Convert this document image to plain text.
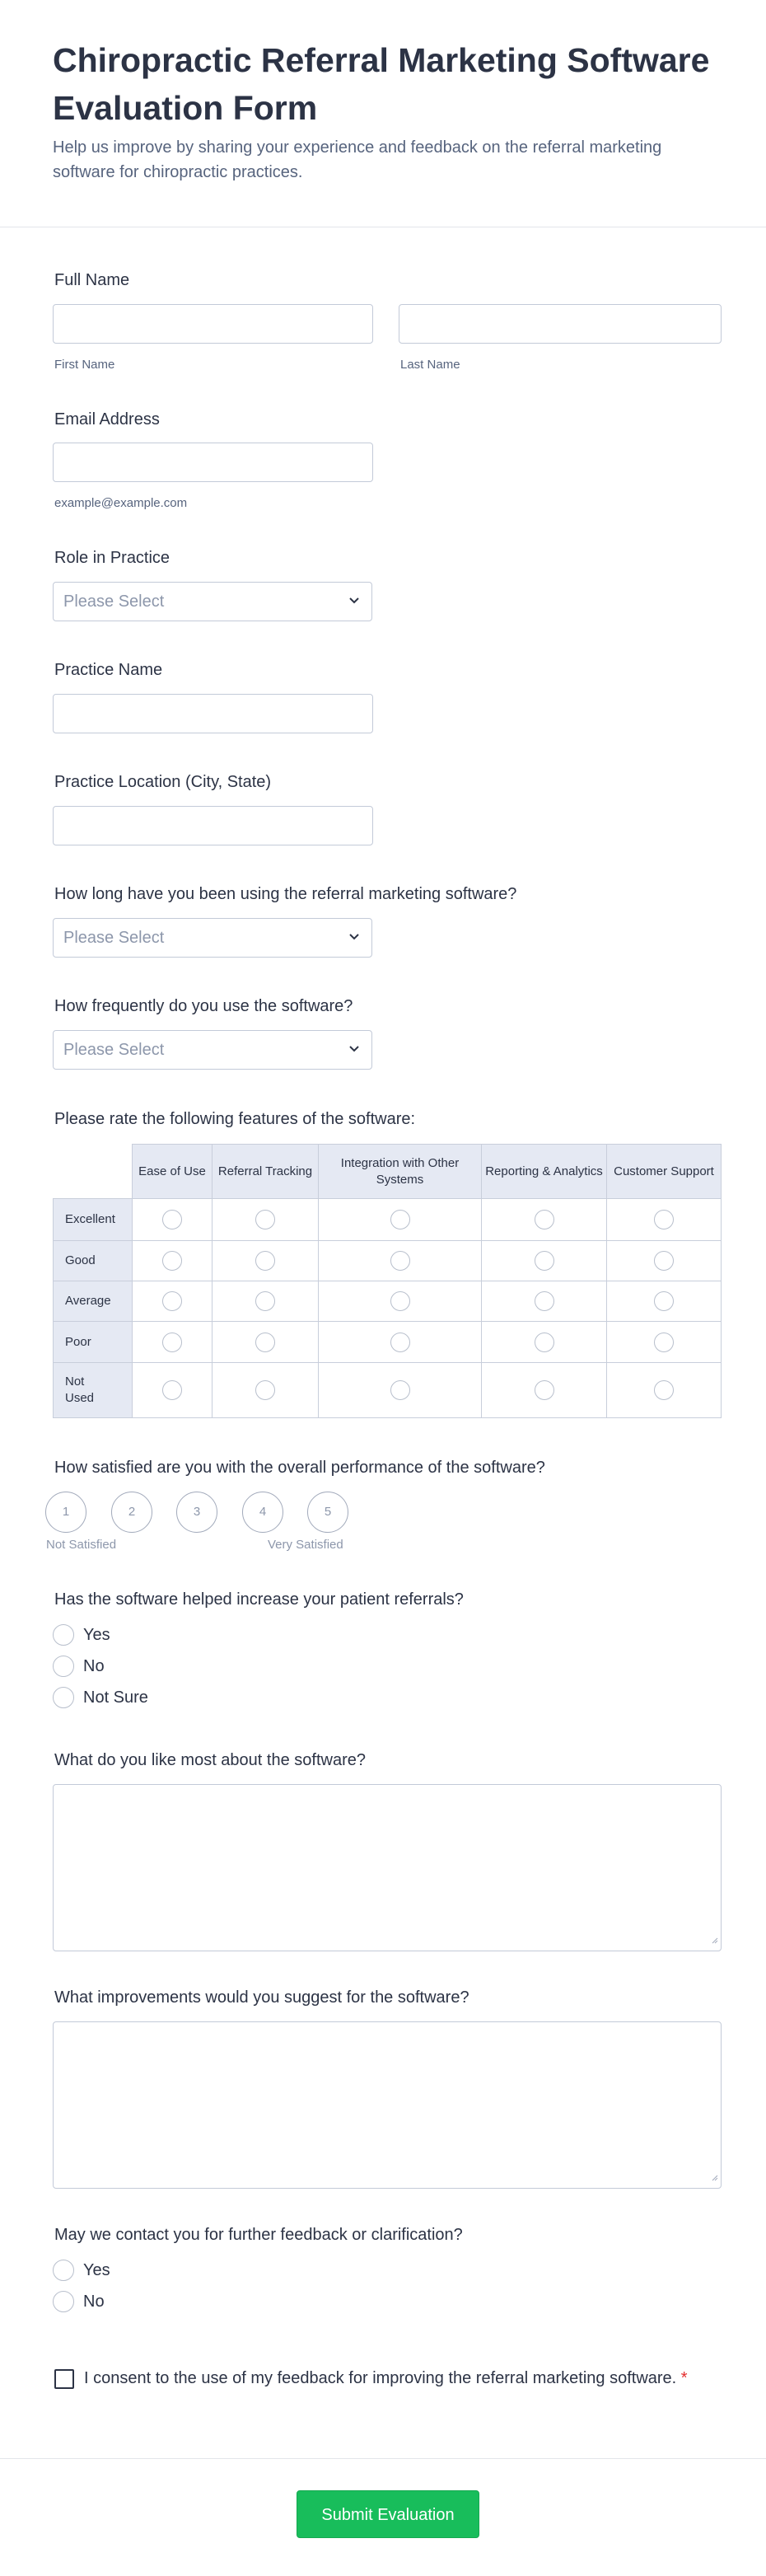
Chiropractic Referral Marketing Software Evaluation Form

Help us improve by sharing your experience and feedback on the referral marketing software for chiropractic practices.

Full Name
First Name	Last Name
Email Address
example@example.com
Role in Practice
Please Select
Practice Name
Practice Location (City, State)
How long have you been using the referral marketing software?
Please Select
How frequently do you use the software?
Please Select
Please rate the following features of the software:
	Ease of Use	Referral Tracking	Integration with Other Systems	Reporting & Analytics	Customer Support
Excellent					
Good					
Average					
Poor					
Not Used					
How satisfied are you with the overall performance of the software?
1	2	3	4	5
Not Satisfied	Very Satisfied
Has the software helped increase your patient referrals?
Yes
No
Not Sure
What do you like most about the software?
What improvements would you suggest for the software?
May we contact you for further feedback or clarification?
Yes
No
I consent to the use of my feedback for improving the referral marketing software. *
Submit Evaluation
